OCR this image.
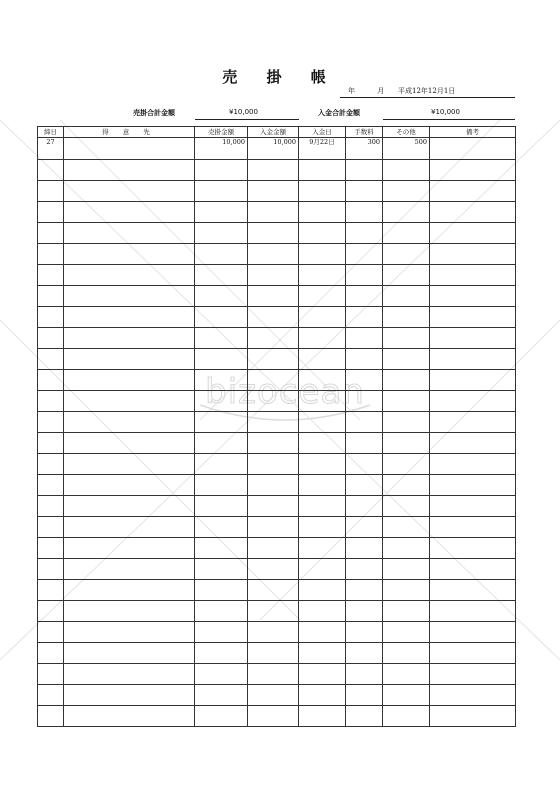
bizocean
売 掛 帳
年 月 平成12年12月1日
売掛合計金額	¥10,000	入金合計金額	¥10,000
締日	得 意 先	売掛金額	入金金額	入金日	手数料	その他	備考
27		10,000	10,000	9月22日	300	500	
